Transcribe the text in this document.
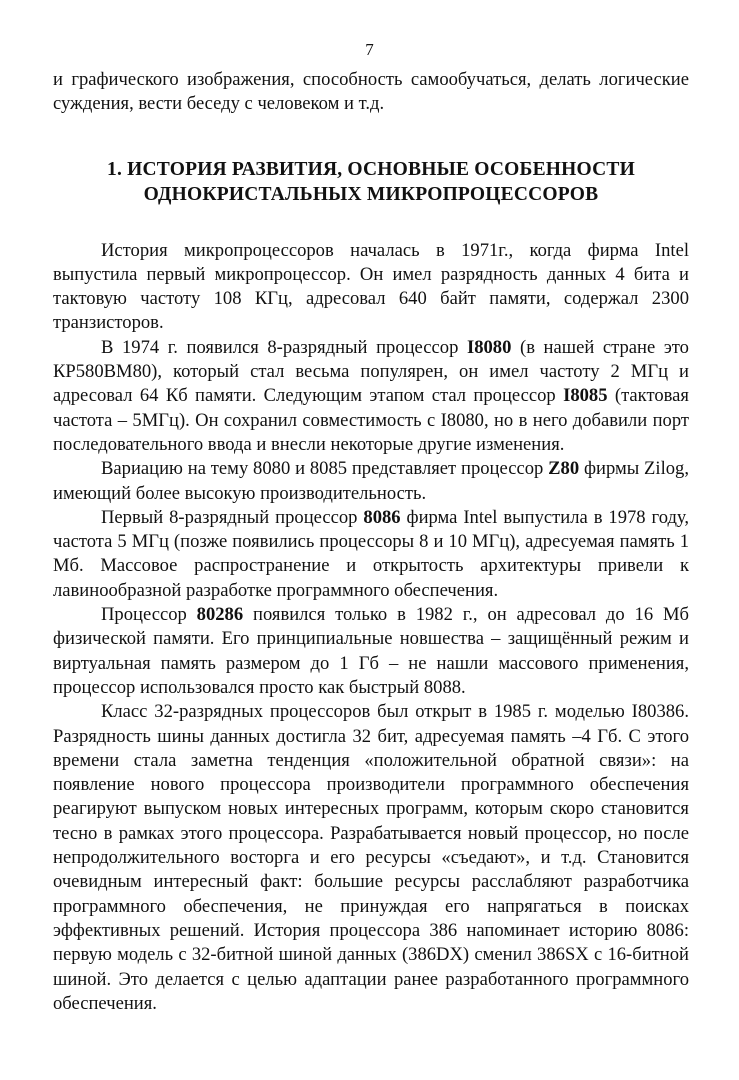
7

и графического изображения, способность самообучаться, делать логические суждения, вести беседу с человеком и т.д.

1. ИСТОРИЯ РАЗВИТИЯ, ОСНОВНЫЕ ОСОБЕННОСТИ
ОДНОКРИСТАЛЬНЫХ МИКРОПРОЦЕССОРОВ

История микропроцессоров началась в 1971г., когда фирма Intel выпустила первый микропроцессор. Он имел разрядность данных 4 бита и тактовую частоту 108 КГц, адресовал 640 байт памяти, содержал 2300 транзисторов.

В 1974 г. появился 8-разрядный процессор I8080 (в нашей стране это КР580ВМ80), который стал весьма популярен, он имел частоту 2 МГц и адресовал 64 Кб памяти. Следующим этапом стал процессор I8085 (тактовая частота – 5МГц). Он сохранил совместимость с I8080, но в него добавили порт последовательного ввода и внесли некоторые другие изменения.

Вариацию на тему 8080 и 8085 представляет процессор Z80 фирмы Zilog, имеющий более высокую производительность.

Первый 8-разрядный процессор 8086 фирма Intel выпустила в 1978 году, частота 5 МГц (позже появились процессоры 8 и 10 МГц), адресуемая память 1 Мб. Массовое распространение и открытость архитектуры привели к лавинообразной разработке программного обеспечения.

Процессор 80286 появился только в 1982 г., он адресовал до 16 Мб физической памяти. Его принципиальные новшества – защищённый режим и виртуальная память размером до 1 Гб – не нашли массового применения, процессор использовался просто как быстрый 8088.

Класс 32-разрядных процессоров был открыт в 1985 г. моделью I80386. Разрядность шины данных достигла 32 бит, адресуемая память –4 Гб. С этого времени стала заметна тенденция «положительной обратной связи»: на появление нового процессора производители программного обеспечения реагируют выпуском новых интересных программ, которым скоро становится тесно в рамках этого процессора. Разрабатывается новый процессор, но после непродолжительного восторга и его ресурсы «съедают», и т.д. Становится очевидным интересный факт: большие ресурсы расслабляют разработчика программного обеспечения, не принуждая его напрягаться в поисках эффективных решений. История процессора 386 напоминает историю 8086: первую модель с 32-битной шиной данных (386DX) сменил 386SX с 16-битной шиной. Это делается с целью адаптации ранее разработанного программного обеспечения.
